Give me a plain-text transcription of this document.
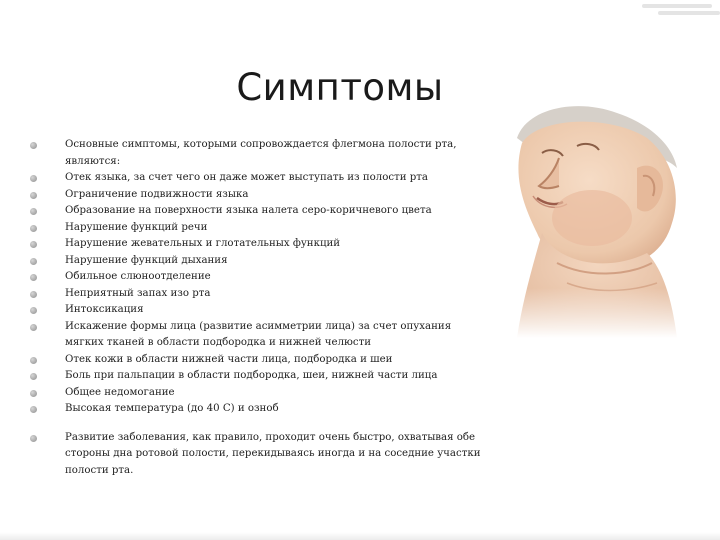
Симптомы
Основные симптомы, которыми сопровождается флегмона полости рта, являются:
Отек языка, за счет чего он даже может выступать из полости рта
Ограничение подвижности языка
Образование на поверхности языка налета серо-коричневого цвета
Нарушение функций речи
Нарушение жевательных и глотательных функций
Нарушение функций дыхания
Обильное слюноотделение
Неприятный запах изо рта
Интоксикация
Искажение формы лица (развитие асимметрии лица) за счет опухания мягких тканей в области подбородка и нижней челюсти
Отек кожи в области нижней части лица, подбородка и шеи
Боль при пальпации в области подбородка, шеи, нижней части лица
Общее недомогание
Высокая температура (до 40 С) и озноб
Развитие заболевания, как правило, проходит очень быстро, охватывая обе стороны дна ротовой полости, перекидываясь иногда и на соседние участки полости рта.
